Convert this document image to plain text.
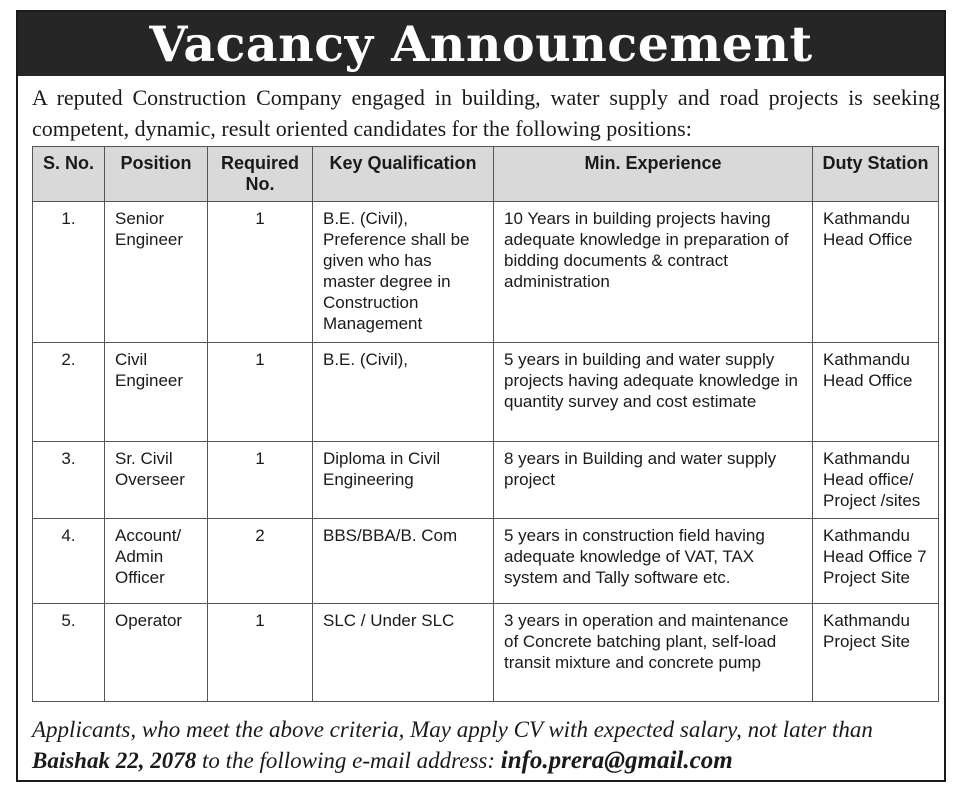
Vacancy Announcement
A reputed Construction Company engaged in building, water supply and road projects is seeking competent, dynamic, result oriented candidates for the following positions:
S. No.	Position	Required No.	Key Qualification	Min. Experience	Duty Station
1.	Senior Engineer	1	B.E. (Civil), Preference shall be given who has master degree in Construction Management	10 Years in building projects having adequate knowledge in preparation of bidding documents & contract administration	Kathmandu Head Office
2.	Civil Engineer	1	B.E. (Civil),	5 years in building and water supply projects having adequate knowledge in quantity survey and cost estimate	Kathmandu Head Office
3.	Sr. Civil Overseer	1	Diploma in Civil Engineering	8 years in Building and water supply project	Kathmandu Head office/ Project /sites
4.	Account/ Admin Officer	2	BBS/BBA/B. Com	5 years in construction field having adequate knowledge of VAT, TAX system and Tally software etc.	Kathmandu Head Office 7 Project Site
5.	Operator	1	SLC / Under SLC	3 years in operation and maintenance of Concrete batching plant, self-load transit mixture and concrete pump	Kathmandu Project Site
Applicants, who meet the above criteria, May apply CV with expected salary, not later than Baishak 22, 2078 to the following e-mail address: info.prera@gmail.com
